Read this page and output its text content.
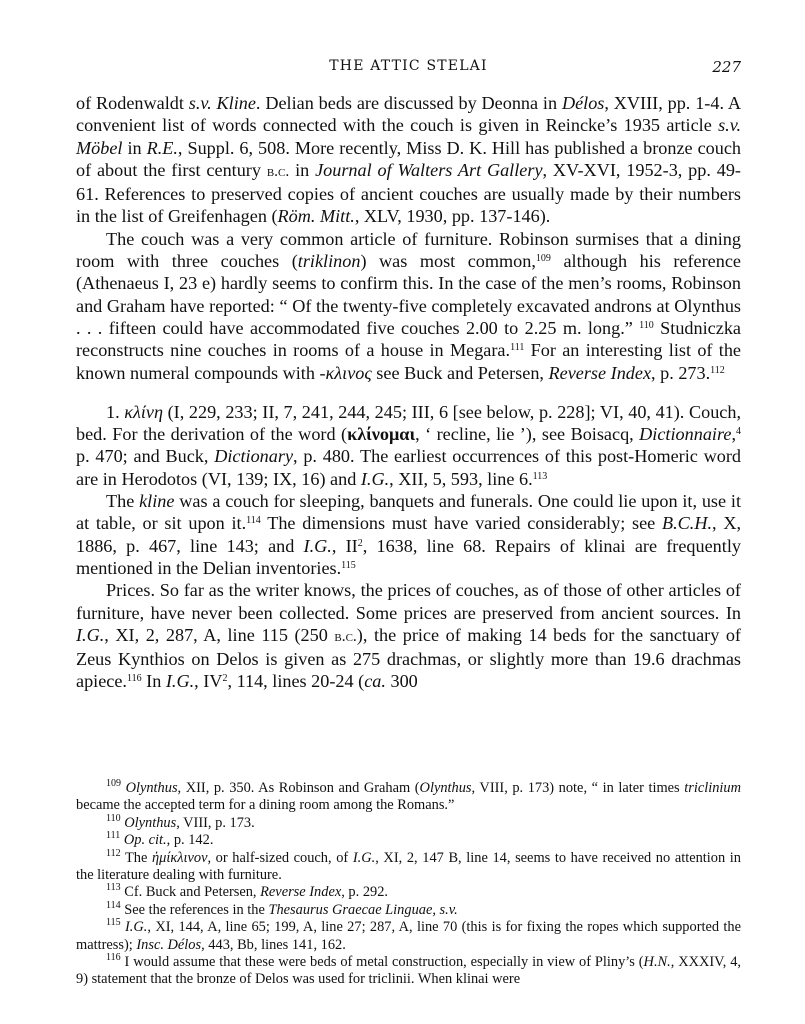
THE ATTIC STELAI	227

of Rodenwaldt s.v. Kline. Delian beds are discussed by Deonna in Délos, XVIII, pp. 1-4. A convenient list of words connected with the couch is given in Reincke’s 1935 article s.v. Möbel in R.E., Suppl. 6, 508. More recently, Miss D. K. Hill has published a bronze couch of about the first century b.c. in Journal of Walters Art Gallery, XV-XVI, 1952-3, pp. 49-61. References to preserved copies of ancient couches are usually made by their numbers in the list of Greifenhagen (Röm. Mitt., XLV, 1930, pp. 137-146).

The couch was a very common article of furniture. Robinson surmises that a dining room with three couches (triklinon) was most common,$^{109}$ although his reference (Athenaeus I, 23 e) hardly seems to confirm this. In the case of the men’s rooms, Robinson and Graham have reported: “ Of the twenty-five completely excavated androns at Olynthus . . . fifteen could have accommodated five couches 2.00 to 2.25 m. long.” $^{110}$ Studniczka reconstructs nine couches in rooms of a house in Megara.$^{111}$ For an interesting list of the known numeral compounds with -κλινος see Buck and Petersen, Reverse Index, p. 273.$^{112}$

1. κλίνη (I, 229, 233; II, 7, 241, 244, 245; III, 6 [see below, p. 228]; VI, 40, 41). Couch, bed. For the derivation of the word (κλίνομαι, ‘ recline, lie ’), see Boisacq, Dictionnaire,$^4$ p. 470; and Buck, Dictionary, p. 480. The earliest occurrences of this post-Homeric word are in Herodotos (VI, 139; IX, 16) and I.G., XII, 5, 593, line 6.$^{113}$

The kline was a couch for sleeping, banquets and funerals. One could lie upon it, use it at table, or sit upon it.$^{114}$ The dimensions must have varied considerably; see B.C.H., X, 1886, p. 467, line 143; and I.G., $II^2$, 1638, line 68. Repairs of klinai are frequently mentioned in the Delian inventories.$^{115}$

Prices. So far as the writer knows, the prices of couches, as of those of other articles of furniture, have never been collected. Some prices are preserved from ancient sources. In I.G., XI, 2, 287, A, line 115 (250 b.c.), the price of making 14 beds for the sanctuary of Zeus Kynthios on Delos is given as 275 drachmas, or slightly more than 19.6 drachmas apiece.$^{116}$ In I.G., $IV^2$, 114, lines 20-24 (ca. 300

$^{109}$ Olynthus, XII, p. 350. As Robinson and Graham (Olynthus, VIII, p. 173) note, “ in later times triclinium became the accepted term for a dining room among the Romans.”

$^{110}$ Olynthus, VIII, p. 173.

$^{111}$ Op. cit., p. 142.

$^{112}$ The ἡμίκλινον, or half-sized couch, of I.G., XI, 2, 147 B, line 14, seems to have received no attention in the literature dealing with furniture.

$^{113}$ Cf. Buck and Petersen, Reverse Index, p. 292.

$^{114}$ See the references in the Thesaurus Graecae Linguae, s.v.

$^{115}$ I.G., XI, 144, A, line 65; 199, A, line 27; 287, A, line 70 (this is for fixing the ropes which supported the mattress); Insc. Délos, 443, Bb, lines 141, 162.

$^{116}$ I would assume that these were beds of metal construction, especially in view of Pliny’s (H.N., XXXIV, 4, 9) statement that the bronze of Delos was used for triclinii. When klinai were
